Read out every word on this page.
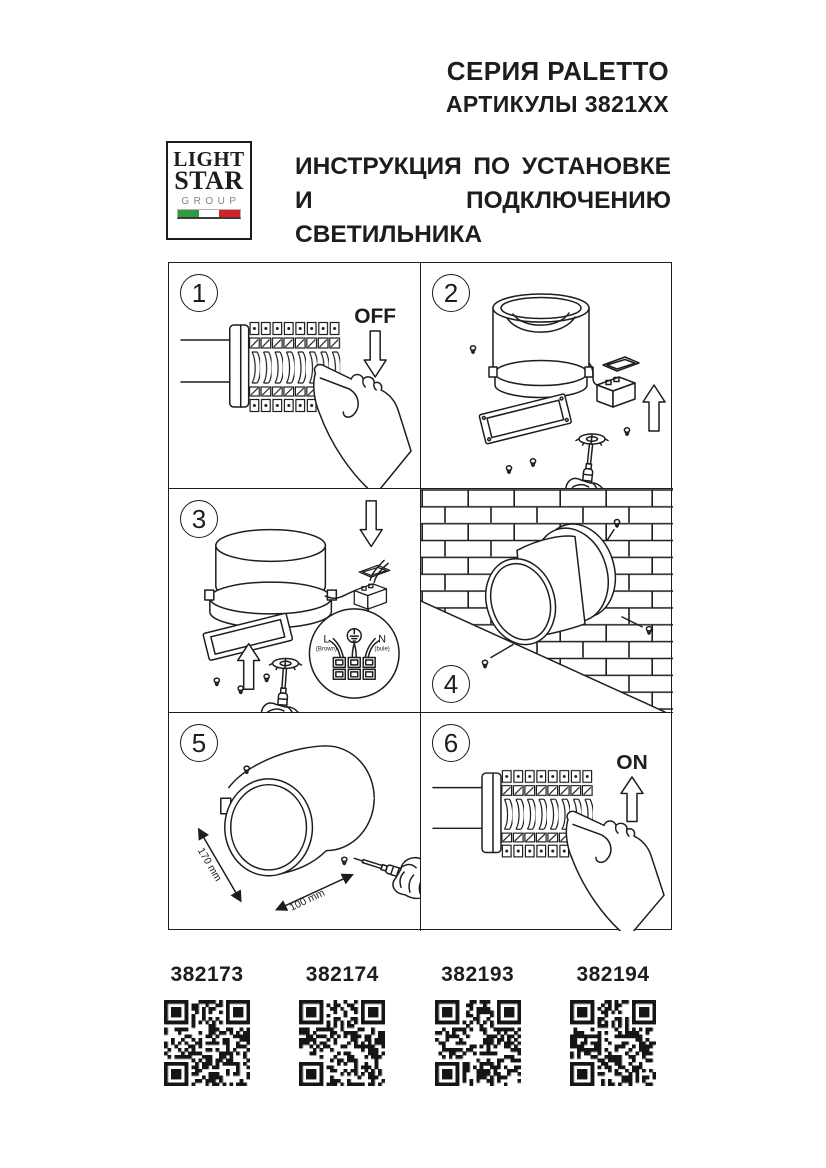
СЕРИЯ PALETTO
АРТИКУЛЫ 3821XX
LIGHT
STAR
GROUP
ИНСТРУКЦИЯ ПО УСТАНОВКЕ
И ПОДКЛЮЧЕНИЮ СВЕТИЛЬНИКА
1
OFF
2
3
L
(Brown)
N
(bule)
4
5
170 mm
100 mm
6
ON
382173	382174	382193	382194
